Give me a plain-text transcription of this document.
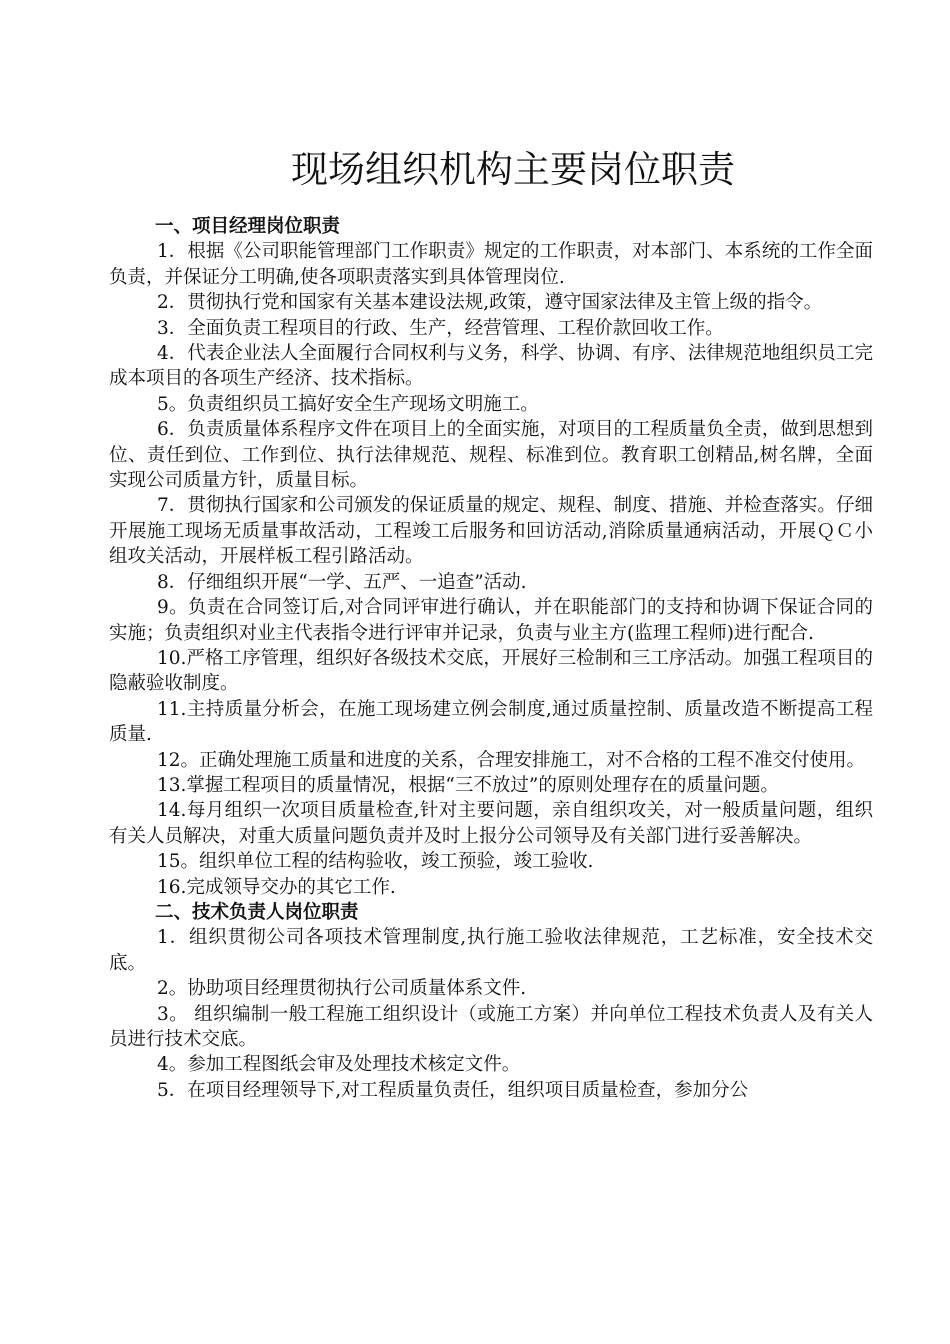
现场组织机构主要岗位职责
一、项目经理岗位职责

1．根据《公司职能管理部门工作职责》规定的工作职责，对本部门、本系统的工作全面负责，并保证分工明确,使各项职责落实到具体管理岗位.

2．贯彻执行党和国家有关基本建设法规,政策，遵守国家法律及主管上级的指令。

3．全面负责工程项目的行政、生产，经营管理、工程价款回收工作。

4．代表企业法人全面履行合同权利与义务，科学、协调、有序、法律规范地组织员工完成本项目的各项生产经济、技术指标。

5。负责组织员工搞好安全生产现场文明施工。

6．负责质量体系程序文件在项目上的全面实施，对项目的工程质量负全责，做到思想到位、责任到位、工作到位、执行法律规范、规程、标准到位。教育职工创精品,树名牌，全面实现公司质量方针，质量目标。

7．贯彻执行国家和公司颁发的保证质量的规定、规程、制度、措施、并检查落实。仔细开展施工现场无质量事故活动，工程竣工后服务和回访活动,消除质量通病活动，开展ＱＣ小组攻关活动，开展样板工程引路活动。

8．仔细组织开展“一学、五严、一追查”活动.

9。负责在合同签订后,对合同评审进行确认，并在职能部门的支持和协调下保证合同的实施；负责组织对业主代表指令进行评审并记录，负责与业主方(监理工程师)进行配合.

10.严格工序管理，组织好各级技术交底，开展好三检制和三工序活动。加强工程项目的隐蔽验收制度。

11.主持质量分析会，在施工现场建立例会制度,通过质量控制、质量改造不断提高工程质量.

12。正确处理施工质量和进度的关系，合理安排施工，对不合格的工程不准交付使用。

13.掌握工程项目的质量情况，根据“三不放过”的原则处理存在的质量问题。

14.每月组织一次项目质量检查,针对主要问题，亲自组织攻关，对一般质量问题，组织有关人员解决，对重大质量问题负责并及时上报分公司领导及有关部门进行妥善解决。

15。组织单位工程的结构验收，竣工预验，竣工验收.

16.完成领导交办的其它工作.

二、技术负责人岗位职责

1．组织贯彻公司各项技术管理制度,执行施工验收法律规范，工艺标准，安全技术交底。

2。协助项目经理贯彻执行公司质量体系文件.

3。 组织编制一般工程施工组织设计（或施工方案）并向单位工程技术负责人及有关人员进行技术交底。

4。参加工程图纸会审及处理技术核定文件。

5．在项目经理领导下,对工程质量负责任，组织项目质量检查，参加分公
